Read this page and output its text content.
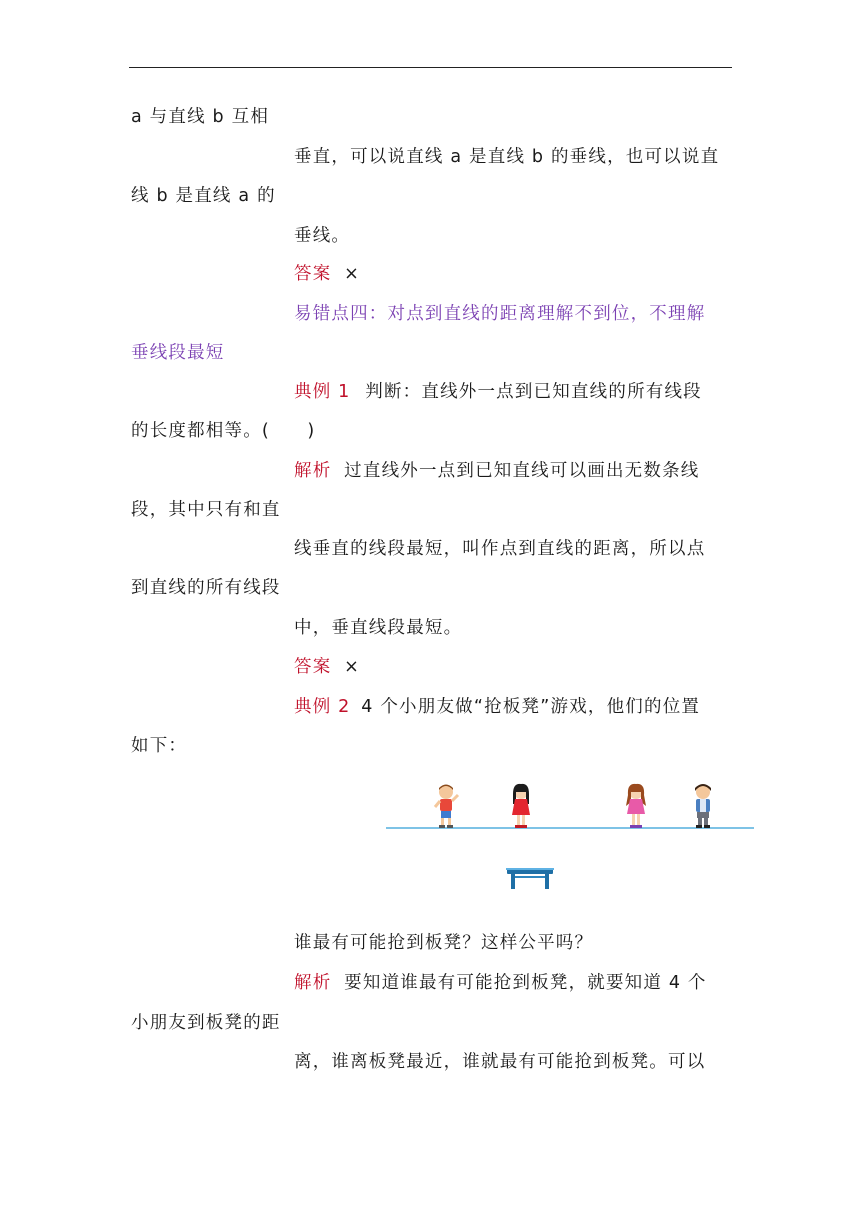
a 与直线 b 互相
垂直，可以说直线 a 是直线 b 的垂线，也可以说直
线 b 是直线 a 的
垂线。
答案 ×
易错点四：对点到直线的距离理解不到位，不理解
垂线段最短
典例 1 判断：直线外一点到已知直线的所有线段
的长度都相等。(　　)
解析 过直线外一点到已知直线可以画出无数条线
段，其中只有和直
线垂直的线段最短，叫作点到直线的距离，所以点
到直线的所有线段
中，垂直线段最短。
答案 ×
典例 2 4 个小朋友做“抢板凳”游戏，他们的位置
如下：
谁最有可能抢到板凳？这样公平吗？
解析 要知道谁最有可能抢到板凳，就要知道 4 个
小朋友到板凳的距
离，谁离板凳最近，谁就最有可能抢到板凳。可以
